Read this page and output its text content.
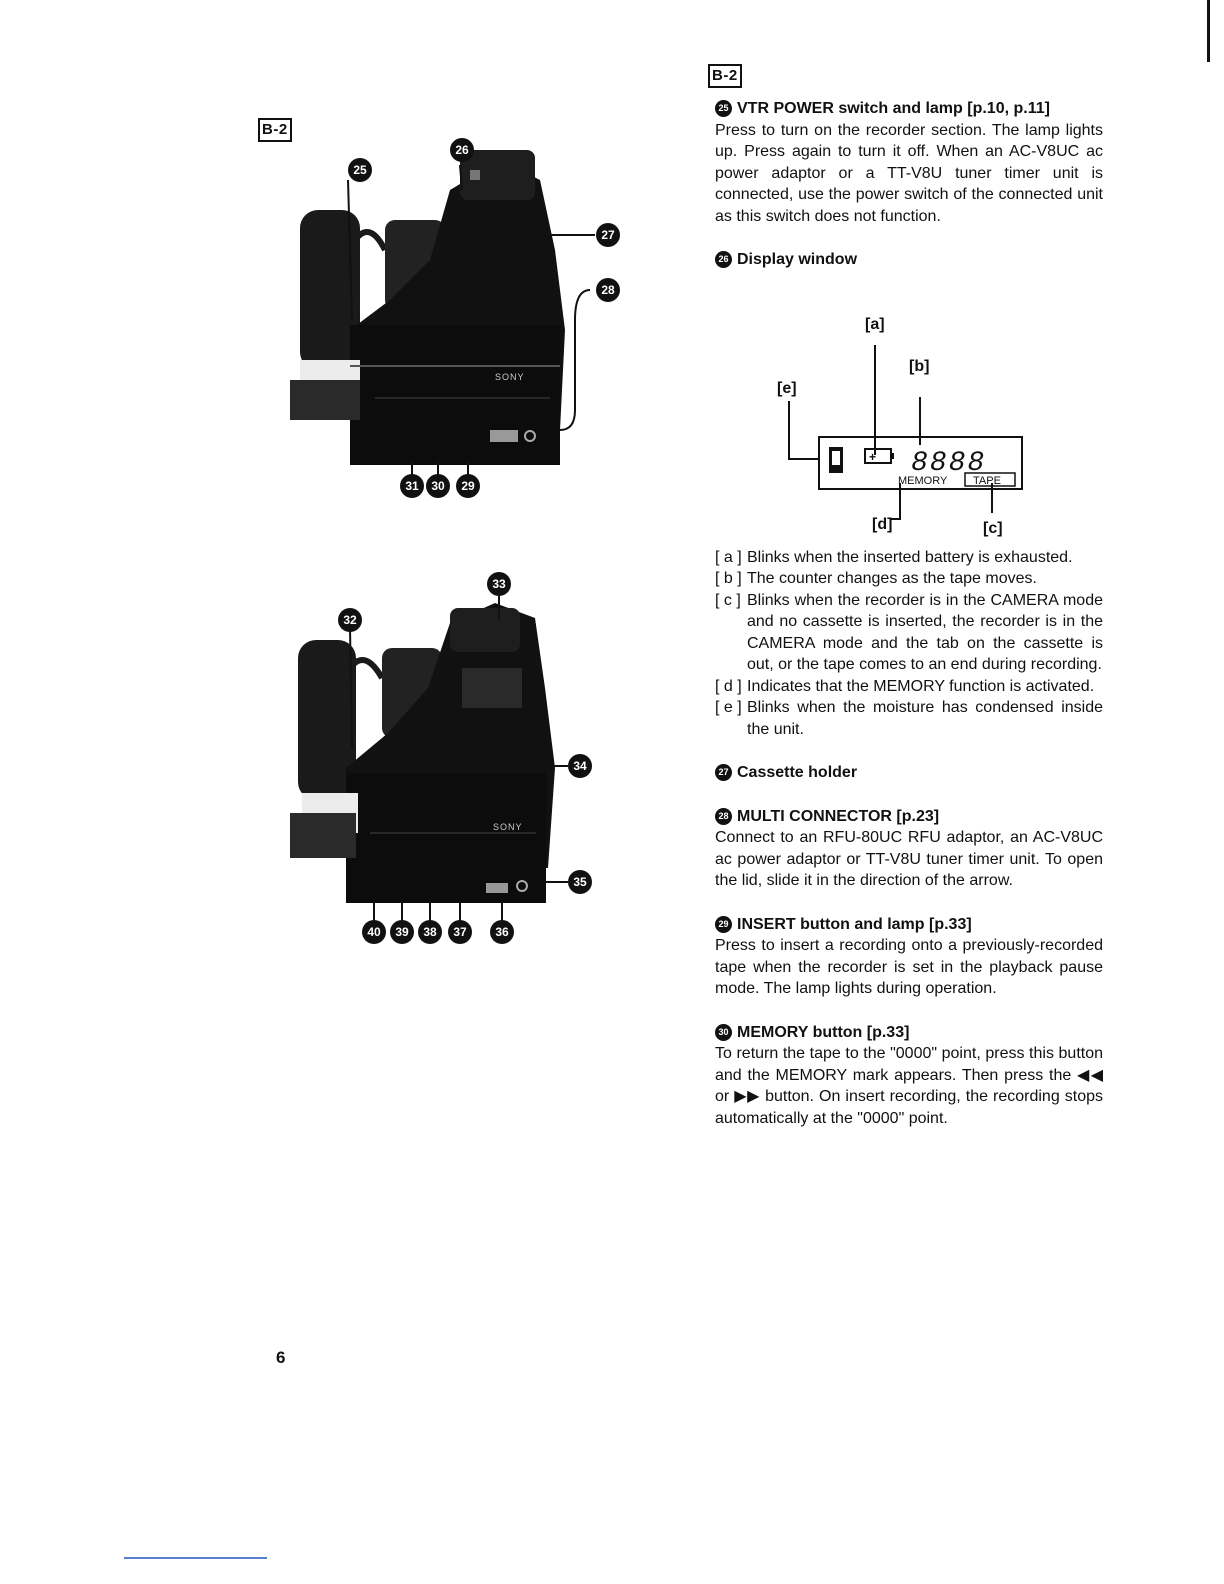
B-2
B-2
SONY
25
26
27
28
31	30	29
SONY
33
32
34
35
40	39	38	37	36
25 VTR POWER switch and lamp [p.10, p.11]

Press to turn on the recorder section. The lamp lights up. Press again to turn it off. When an AC-V8UC ac power adaptor or a TT-V8U tuner timer unit is connected, use the power switch of the connected unit as this switch does not function.

26 Display window
[a]
[b]
[e]
[d]	[c]
+ 8888
MEMORY TAPE
[ a ] Blinks when the inserted battery is exhausted.
[ b ] The counter changes as the tape moves.
[ c ] Blinks when the recorder is in the CAMERA mode and no cassette is inserted, the recorder is in the CAMERA mode and the tab on the cassette is out, or the tape comes to an end during recording.
[ d ] Indicates that the MEMORY function is activated.
[ e ] Blinks when the moisture has condensed inside the unit.
27 Cassette holder
28 MULTI CONNECTOR [p.23]

Connect to an RFU-80UC RFU adaptor, an AC-V8UC ac power adaptor or TT-V8U tuner timer unit. To open the lid, slide it in the direction of the arrow.

29 INSERT button and lamp [p.33]

Press to insert a recording onto a previously-recorded tape when the recorder is set in the playback pause mode. The lamp lights during operation.

30 MEMORY button [p.33]

To return the tape to the "0000" point, press this button and the MEMORY mark appears. Then press the ◀◀ or ▶▶ button. On insert recording, the recording stops automatically at the "0000" point.

6
